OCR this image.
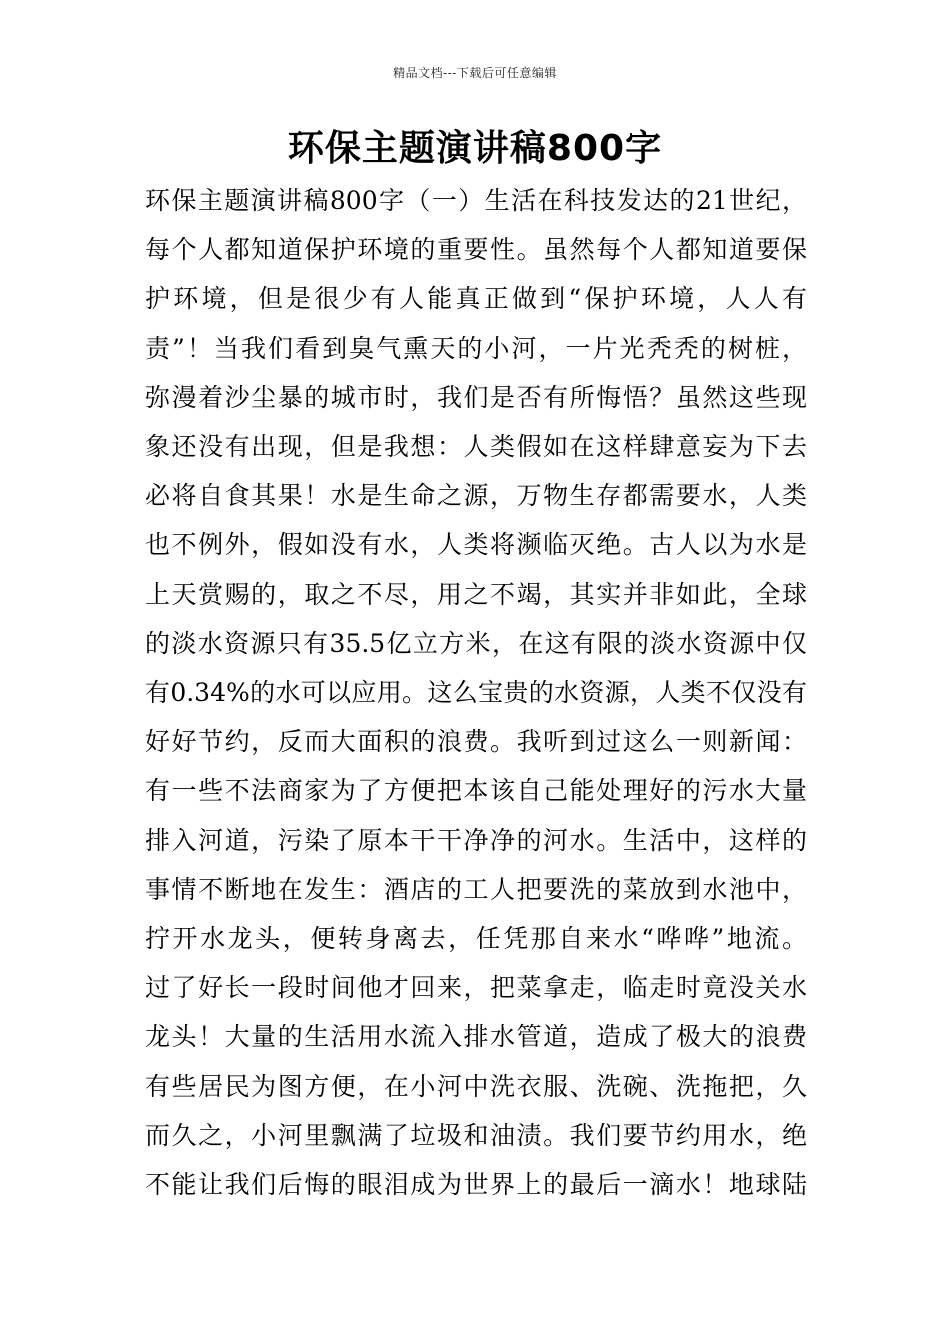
精品文档---下载后可任意编辑
环保主题演讲稿800字
环保主题演讲稿800字（一）生活在科技发达的21世纪，
每个人都知道保护环境的重要性。虽然每个人都知道要保
护环境，但是很少有人能真正做到“保护环境，人人有
责”！当我们看到臭气熏天的小河，一片光秃秃的树桩，
弥漫着沙尘暴的城市时，我们是否有所悔悟？虽然这些现
象还没有出现，但是我想：人类假如在这样肆意妄为下去
必将自食其果！水是生命之源，万物生存都需要水，人类
也不例外，假如没有水，人类将濒临灭绝。古人以为水是
上天赏赐的，取之不尽，用之不竭，其实并非如此，全球
的淡水资源只有35.5亿立方米，在这有限的淡水资源中仅
有0.34%的水可以应用。这么宝贵的水资源，人类不仅没有
好好节约，反而大面积的浪费。我听到过这么一则新闻：
有一些不法商家为了方便把本该自己能处理好的污水大量
排入河道，污染了原本干干净净的河水。生活中，这样的
事情不断地在发生：酒店的工人把要洗的菜放到水池中，
拧开水龙头，便转身离去，任凭那自来水“哗哗”地流。
过了好长一段时间他才回来，把菜拿走，临走时竟没关水
龙头！大量的生活用水流入排水管道，造成了极大的浪费
有些居民为图方便，在小河中洗衣服、洗碗、洗拖把，久
而久之，小河里飘满了垃圾和油渍。我们要节约用水，绝
不能让我们后悔的眼泪成为世界上的最后一滴水！地球陆
